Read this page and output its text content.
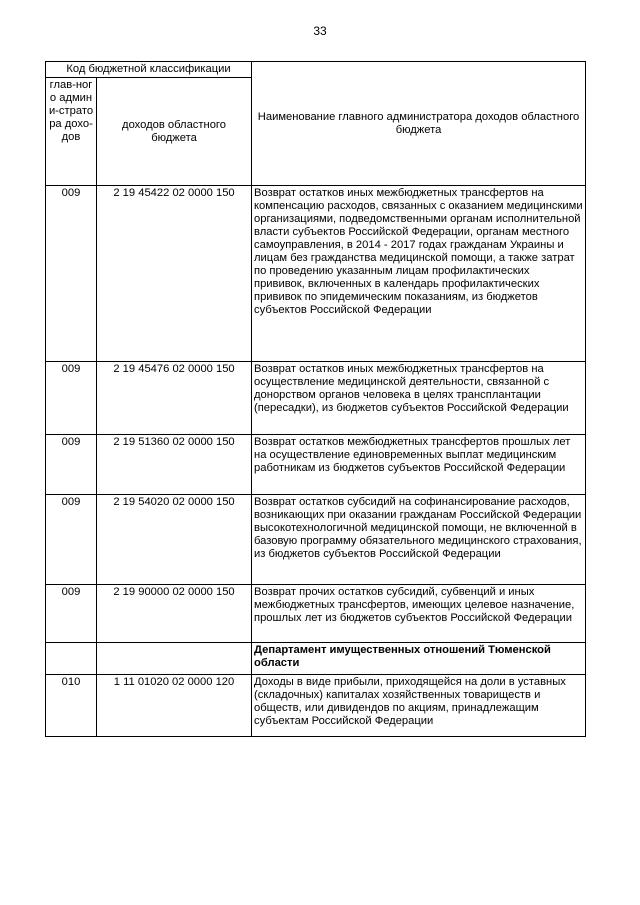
33
Код бюджетной классификации		Наименование главного администратора доходов областного бюджета
глав-ного админи-стратора дохо-дов	доходов областного бюджета	
009	2 19 45422 02 0000 150	Возврат остатков иных межбюджетных трансфертов на компенсацию расходов, связанных с оказанием медицинскими организациями, подведомственными органам исполнительной власти субъектов Российской Федерации, органам местного самоуправления, в 2014 - 2017 годах гражданам Украины и лицам без гражданства медицинской помощи, а также затрат по проведению указанным лицам профилактических прививок, включенных в календарь профилактических прививок по эпидемическим показаниям, из бюджетов субъектов Российской Федерации
009	2 19 45476 02 0000 150	Возврат остатков иных межбюджетных трансфертов на осуществление медицинской деятельности, связанной с донорством органов человека в целях трансплантации (пересадки), из бюджетов субъектов Российской Федерации
009	2 19 51360 02 0000 150	Возврат остатков межбюджетных трансфертов прошлых лет на осуществление единовременных выплат медицинским работникам из бюджетов субъектов Российской Федерации
009	2 19 54020 02 0000 150	Возврат остатков субсидий на софинансирование расходов, возникающих при оказании гражданам Российской Федерации высокотехнологичной медицинской помощи, не включенной в базовую программу обязательного медицинского страхования, из бюджетов субъектов Российской Федерации
009	2 19 90000 02 0000 150	Возврат прочих остатков субсидий, субвенций и иных межбюджетных трансфертов, имеющих целевое назначение, прошлых лет из бюджетов субъектов Российской Федерации
		Департамент имущественных отношений Тюменской области
010	1 11 01020 02 0000 120	Доходы в виде прибыли, приходящейся на доли в уставных (складочных) капиталах хозяйственных товариществ и обществ, или дивидендов по акциям, принадлежащим субъектам Российской Федерации
